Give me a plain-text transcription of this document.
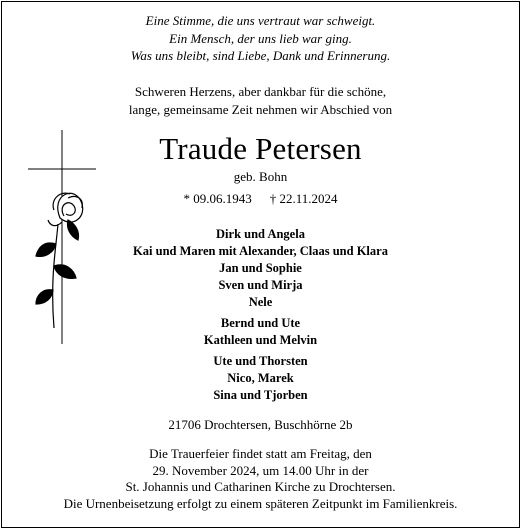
Eine Stimme, die uns vertraut war schweigt.
Ein Mensch, der uns lieb war ging.
Was uns bleibt, sind Liebe, Dank und Erinnerung.
Schweren Herzens, aber dankbar für die schöne,
lange, gemeinsame Zeit nehmen wir Abschied von
Traude Petersen
geb. Bohn
* 09.06.1943 † 22.11.2024
Dirk und Angela
Kai und Maren mit Alexander, Claas und Klara
Jan und Sophie
Sven und Mirja
Nele
Bernd und Ute
Kathleen und Melvin
Ute und Thorsten
Nico, Marek
Sina und Tjorben
21706 Drochtersen, Buschhörne 2b
Die Trauerfeier findet statt am Freitag, den
29. November 2024, um 14.00 Uhr in der
St. Johannis und Catharinen Kirche zu Drochtersen.
Die Urnenbeisetzung erfolgt zu einem späteren Zeitpunkt im Familienkreis.
